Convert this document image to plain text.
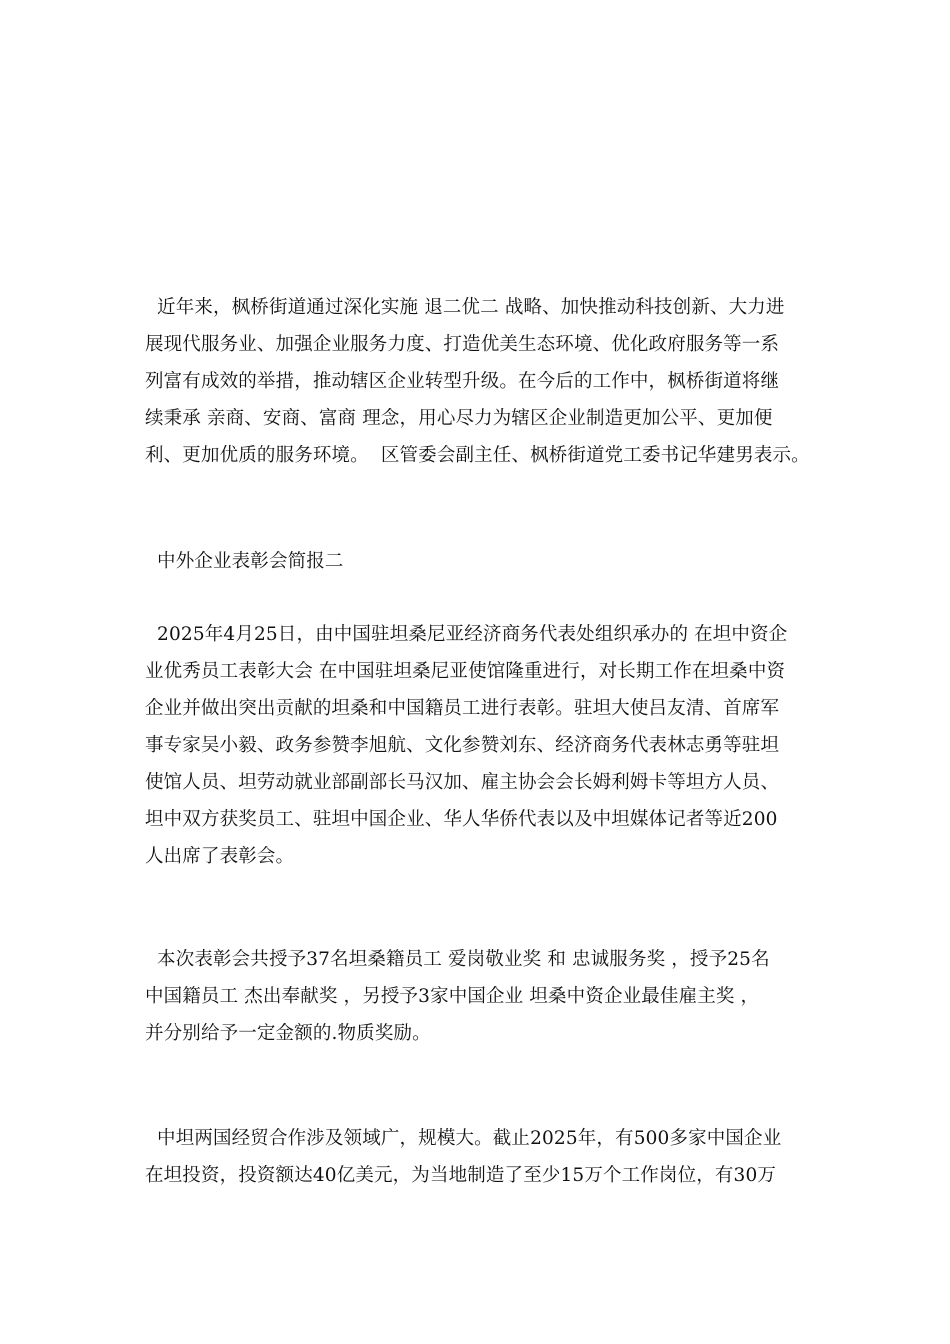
近年来，枫桥街道通过深化实施 退二优二 战略、加快推动科技创新、大力进
展现代服务业、加强企业服务力度、打造优美生态环境、优化政府服务等一系
列富有成效的举措，推动辖区企业转型升级。在今后的工作中，枫桥街道将继
续秉承 亲商、安商、富商 理念，用心尽力为辖区企业制造更加公平、更加便
利、更加优质的服务环境。  区管委会副主任、枫桥街道党工委书记华建男表示。
中外企业表彰会简报二
2025年4月25日，由中国驻坦桑尼亚经济商务代表处组织承办的 在坦中资企
业优秀员工表彰大会 在中国驻坦桑尼亚使馆隆重进行，对长期工作在坦桑中资
企业并做出突出贡献的坦桑和中国籍员工进行表彰。驻坦大使吕友清、首席军
事专家吴小毅、政务参赞李旭航、文化参赞刘东、经济商务代表林志勇等驻坦
使馆人员、坦劳动就业部副部长马汉加、雇主协会会长姆利姆卡等坦方人员、
坦中双方获奖员工、驻坦中国企业、华人华侨代表以及中坦媒体记者等近200
人出席了表彰会。
本次表彰会共授予37名坦桑籍员工 爱岗敬业奖 和 忠诚服务奖 ，授予25名
中国籍员工 杰出奉献奖 ，另授予3家中国企业 坦桑中资企业最佳雇主奖 ，
并分别给予一定金额的.物质奖励。
中坦两国经贸合作涉及领域广，规模大。截止2025年，有500多家中国企业
在坦投资，投资额达40亿美元，为当地制造了至少15万个工作岗位，有30万
